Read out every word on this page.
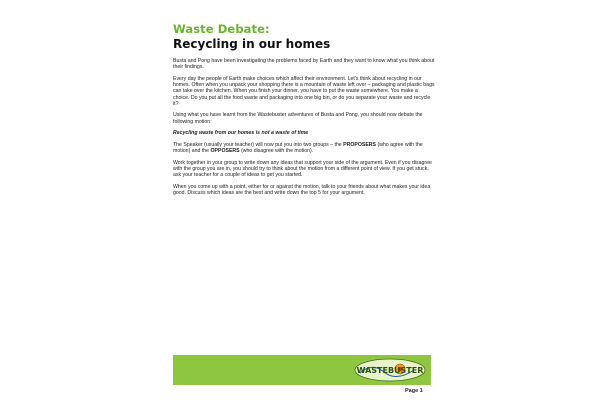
Waste Debate:
Recycling in our homes

Busta and Pong have been investigating the problems faced by Earth and they want to know what you think about their findings.

Every day the people of Earth make choices which affect their environment. Let's think about recycling in our homes. Often when you unpack your shopping there is a mountain of waste left over – packaging and plastic bags can take over the kitchen. When you finish your dinner, you have to put the waste somewhere. You make a choice. Do you put all the food waste and packaging into one big bin, or do you separate your waste and recycle it?

Using what you have learnt from the Wastebuster adventures of Busta and Pong, you should now debate the following motion:

Recycling waste from our homes is not a waste of time

The Speaker (usually your teacher) will now put you into two groups – the PROPOSERS (who agree with the motion) and the OPPOSERS (who disagree with the motion).

Work together in your group to write down any ideas that support your side of the argument. Even if you disagree with the group you are in, you should try to think about the motion from a different point of view. If you get stuck, ask your teacher for a couple of ideas to get you started.

When you come up with a point, either for or against the motion, talk to your friends about what makes your idea good. Discuss which ideas are the best and write down the top 5 for your argument.

WASTEBUSTER
Page 1
